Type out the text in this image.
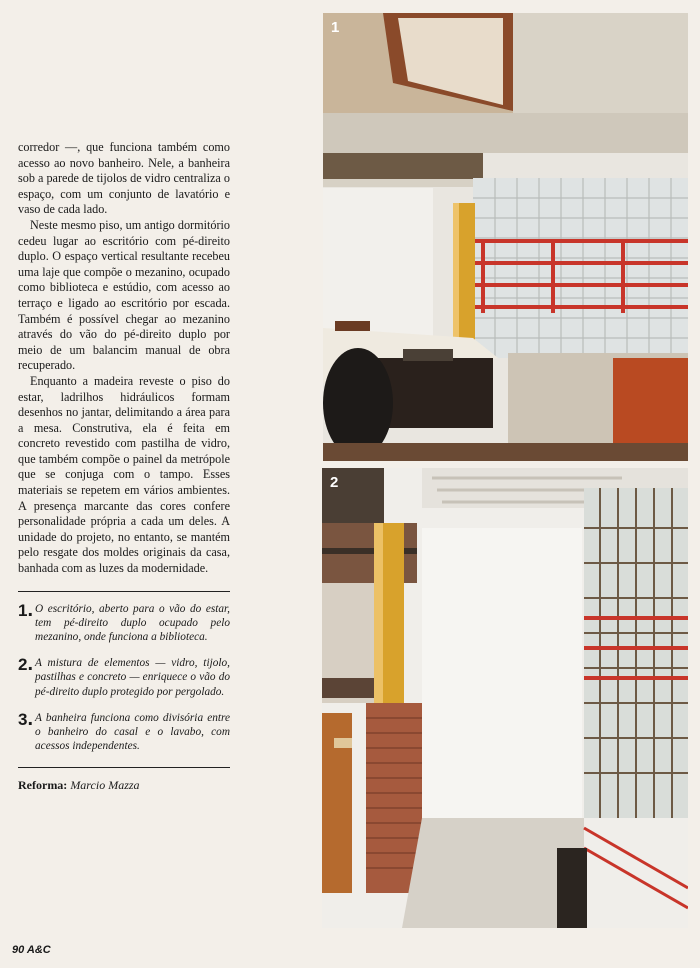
corredor —, que funciona também como acesso ao novo banheiro. Nele, a banheira sob a parede de tijolos de vidro centraliza o espaço, com um conjunto de lavatório e vaso de cada lado.

Neste mesmo piso, um antigo dormitório cedeu lugar ao escritório com pé-direito duplo. O espaço vertical resultante recebeu uma laje que compõe o mezanino, ocupado como biblioteca e estúdio, com acesso ao terraço e ligado ao escritório por escada. Também é possível chegar ao mezanino através do vão do pé-direito duplo por meio de um balancim manual de obra recuperado.

Enquanto a madeira reveste o piso do estar, ladrilhos hidráulicos formam desenhos no jantar, delimitando a área para a mesa. Construtiva, ela é feita em concreto revestido com pastilha de vidro, que também compõe o painel da metrópole que se conjuga com o tampo. Esses materiais se repetem em vários ambientes. A presença marcante das cores confere personalidade própria a cada um deles. A unidade do projeto, no entanto, se mantém pelo resgate dos moldes originais da casa, banhada com as luzes da modernidade.

1 . O escritório, aberto para o vão do estar, tem pé-direito duplo ocupado pelo mezanino, onde funciona a biblioteca.
2 . A mistura de elementos — vidro, tijolo, pastilhas e concreto — enriquece o vão do pé-direito duplo protegido por pergolado.
3 . A banheira funciona como divisória entre o banheiro do casal e o lavabo, com acessos independentes.
Reforma: Marcio Mazza
1
2
90 A&C
